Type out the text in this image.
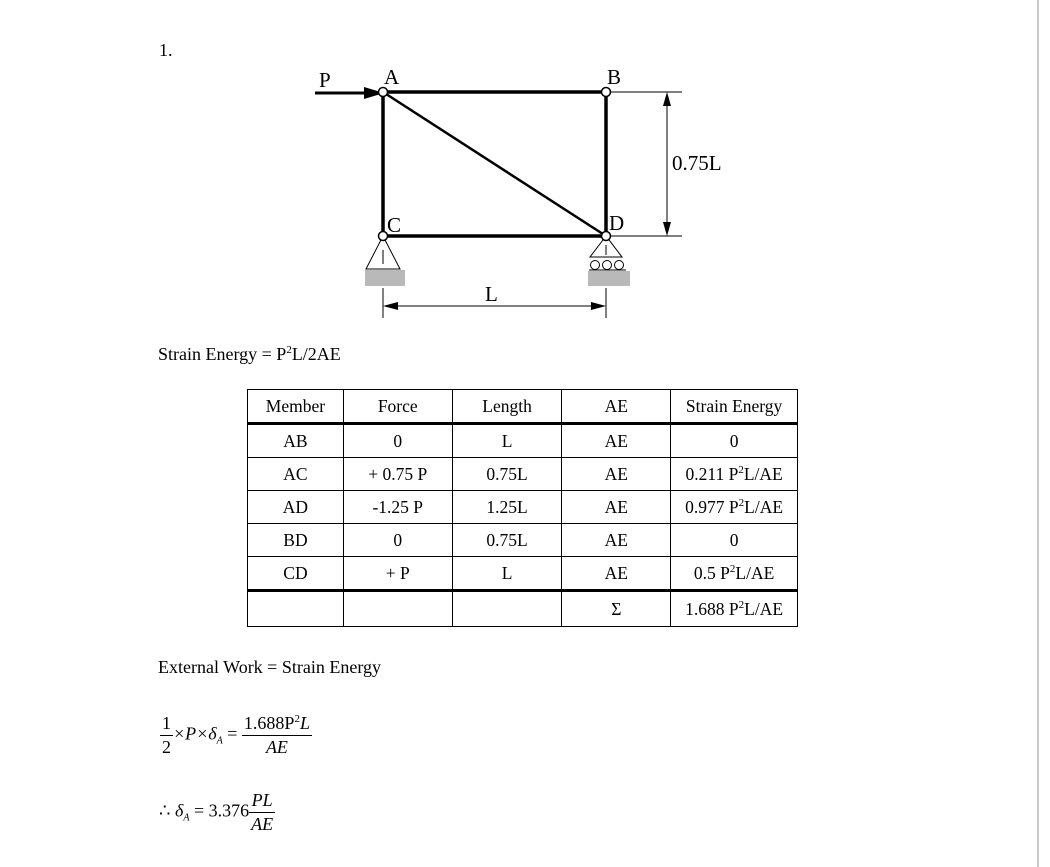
1.
P	A	B
C	D
0.75L
L
Strain Energy = $P^2L/2AE$
Member	Force	Length	AE	Strain Energy
AB	0	L	AE	0
AC	+ 0.75 P	0.75L	AE	0.211 $P^2L/AE$
AD	-1.25 P	1.25L	AE	0.977 $P^2L/AE$
BD	0	0.75L	AE	0
CD	+ P	L	AE	0.5 $P^2L/AE$
			Σ	1.688 $P^2L/AE$
External Work = Strain Energy
$\frac{1}{2} \times P\times\delta_A = \frac{1.688P^2L}{AE}$
∴ $\delta_A = 3.376 \frac{PL}{AE}$
